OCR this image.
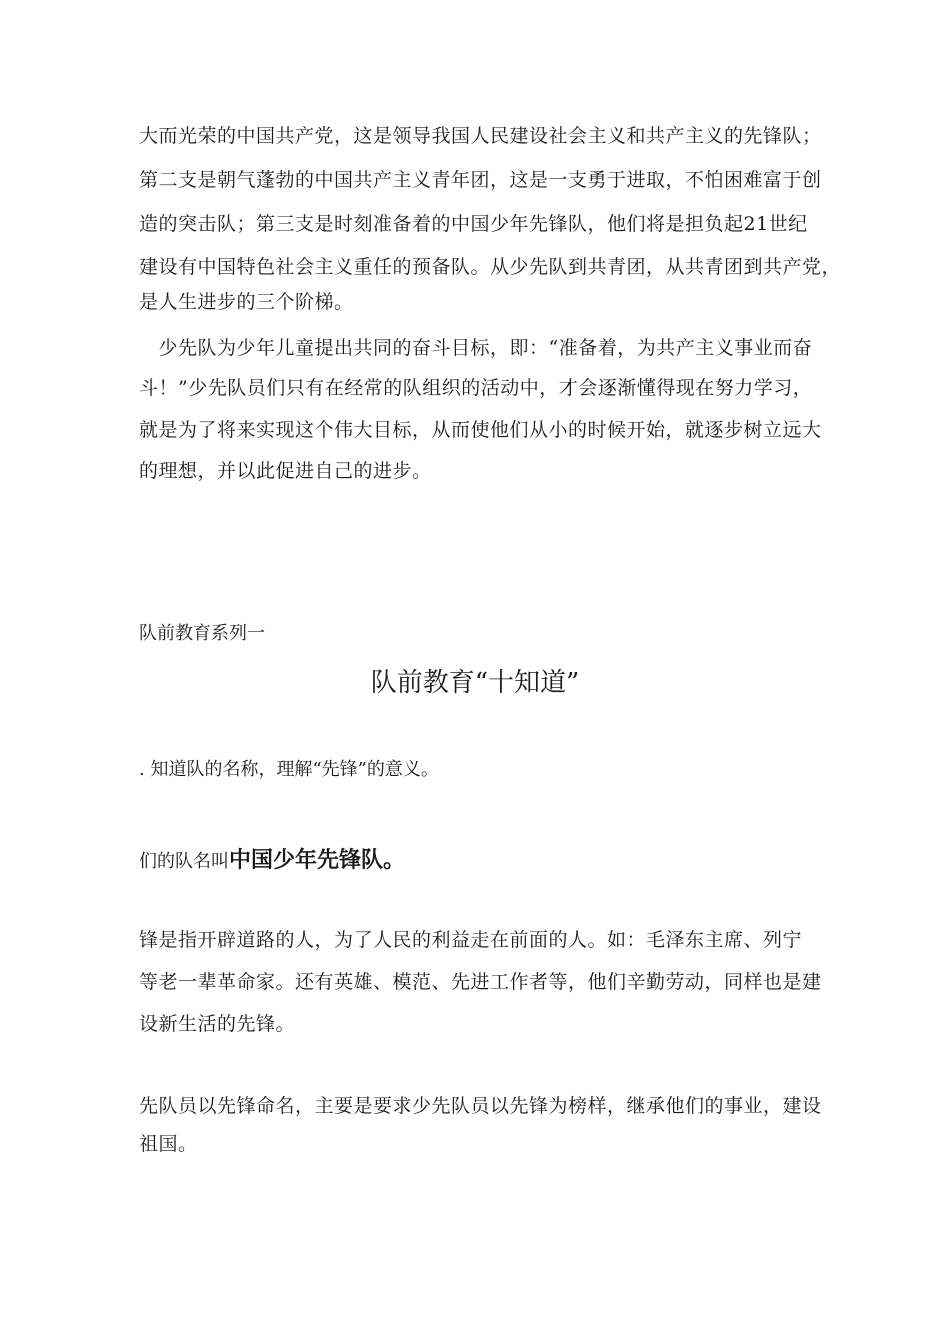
大而光荣的中国共产党，这是领导我国人民建设社会主义和共产主义的先锋队；
第二支是朝气蓬勃的中国共产主义青年团，这是一支勇于进取，不怕困难富于创
造的突击队；第三支是时刻准备着的中国少年先锋队，他们将是担负起21世纪
建设有中国特色社会主义重任的预备队。从少先队到共青团，从共青团到共产党，
是人生进步的三个阶梯。
　少先队为少年儿童提出共同的奋斗目标，即：“准备着，为共产主义事业而奋
斗！”少先队员们只有在经常的队组织的活动中，才会逐渐懂得现在努力学习，
就是为了将来实现这个伟大目标，从而使他们从小的时候开始，就逐步树立远大
的理想，并以此促进自己的进步。
队前教育系列一
队前教育“十知道”
. 知道队的名称，理解“先锋”的意义。
们的队名叫中国少年先锋队。
锋是指开辟道路的人，为了人民的利益走在前面的人。如：毛泽东主席、列宁
等老一辈革命家。还有英雄、模范、先进工作者等，他们辛勤劳动，同样也是建
设新生活的先锋。
先队员以先锋命名，主要是要求少先队员以先锋为榜样，继承他们的事业，建设
祖国。
